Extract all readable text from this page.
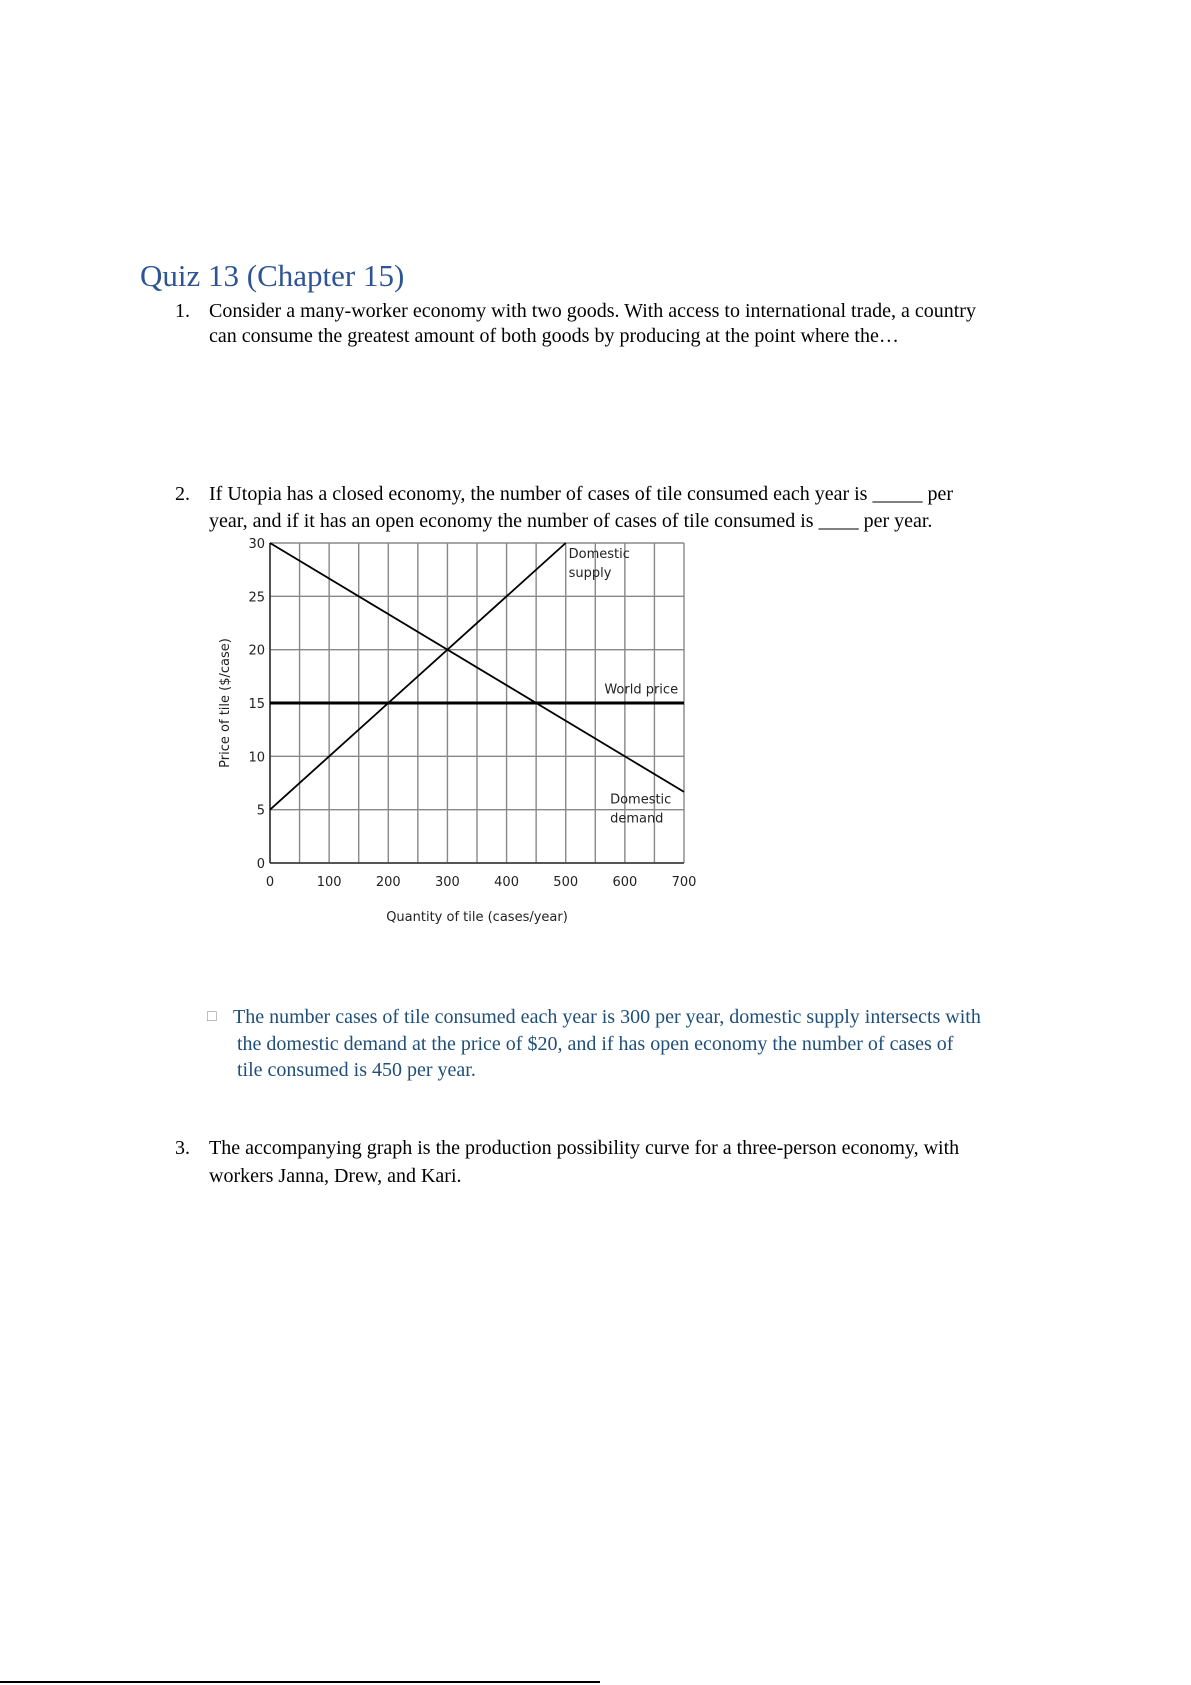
Quiz 13 (Chapter 15)
1. Consider a many-worker economy with two goods. With access to international trade, a country
can consume the greatest amount of both goods by producing at the point where the…
2. If Utopia has a closed economy, the number of cases of tile consumed each year is _____ per
year, and if it has an open economy the number of cases of tile consumed is ____ per year.
0	100	200	300	400	500	600	700
0
5
10
15
20
25
30
Domestic
supply
Domestic
demand
World price
Quantity of tile (cases/year)
Price of tile ($/case)
□ The number cases of tile consumed each year is 300 per year, domestic supply intersects with
the domestic demand at the price of $20, and if has open economy the number of cases of
tile consumed is 450 per year.
3. The accompanying graph is the production possibility curve for a three-person economy, with
workers Janna, Drew, and Kari.
